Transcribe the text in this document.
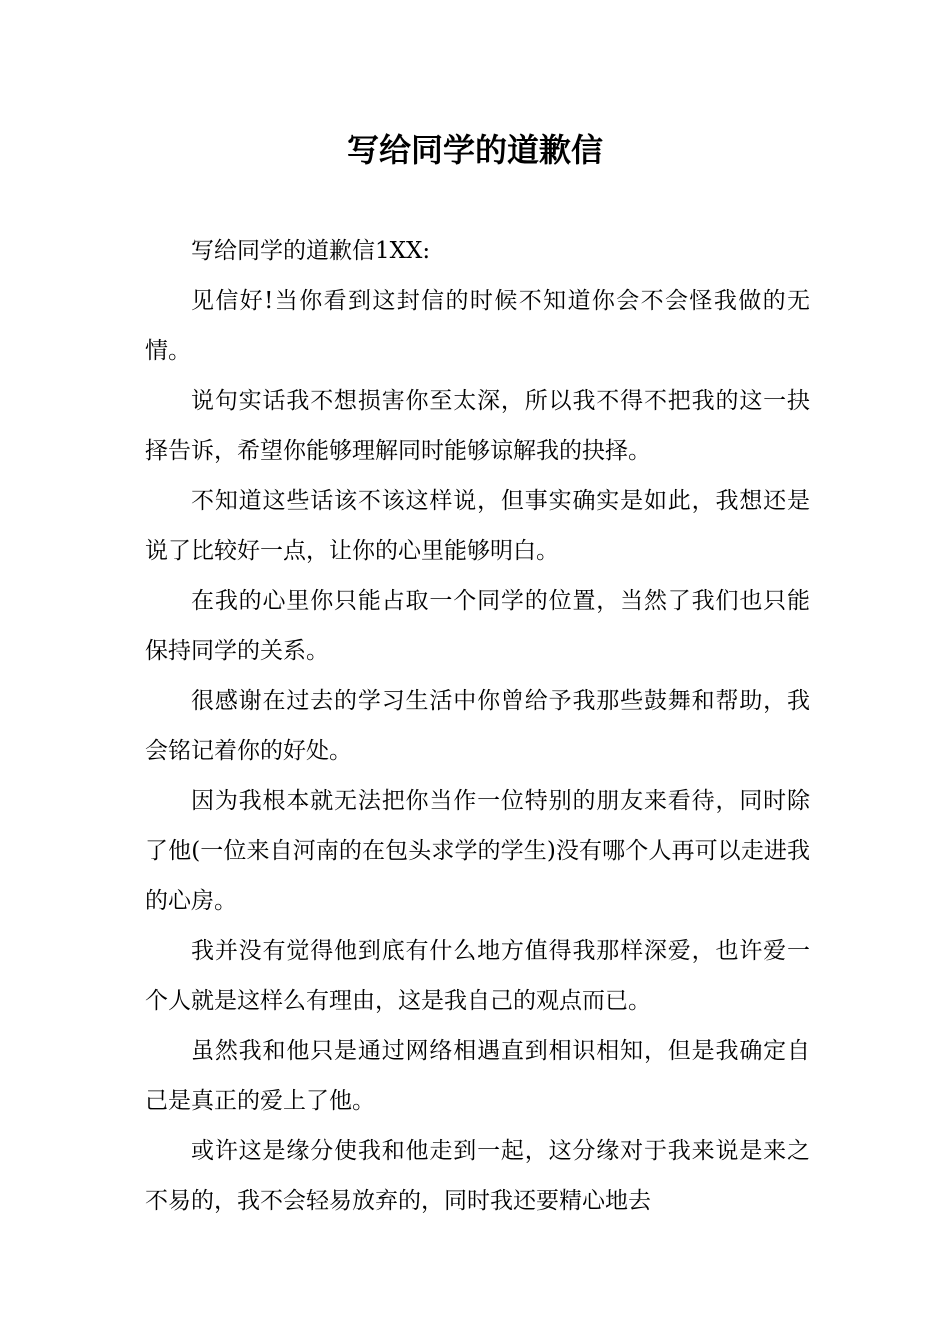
写给同学的道歉信

写给同学的道歉信1XX:

见信好!当你看到这封信的时候不知道你会不会怪我做的无情。

说句实话我不想损害你至太深，所以我不得不把我的这一抉择告诉，希望你能够理解同时能够谅解我的抉择。

不知道这些话该不该这样说，但事实确实是如此，我想还是说了比较好一点，让你的心里能够明白。

在我的心里你只能占取一个同学的位置，当然了我们也只能保持同学的关系。

很感谢在过去的学习生活中你曾给予我那些鼓舞和帮助，我会铭记着你的好处。

因为我根本就无法把你当作一位特别的朋友来看待，同时除了他(一位来自河南的在包头求学的学生)没有哪个人再可以走进我的心房。

我并没有觉得他到底有什么地方值得我那样深爱，也许爱一个人就是这样么有理由，这是我自己的观点而已。

虽然我和他只是通过网络相遇直到相识相知，但是我确定自己是真正的爱上了他。

或许这是缘分使我和他走到一起，这分缘对于我来说是来之不易的，我不会轻易放弃的，同时我还要精心地去
